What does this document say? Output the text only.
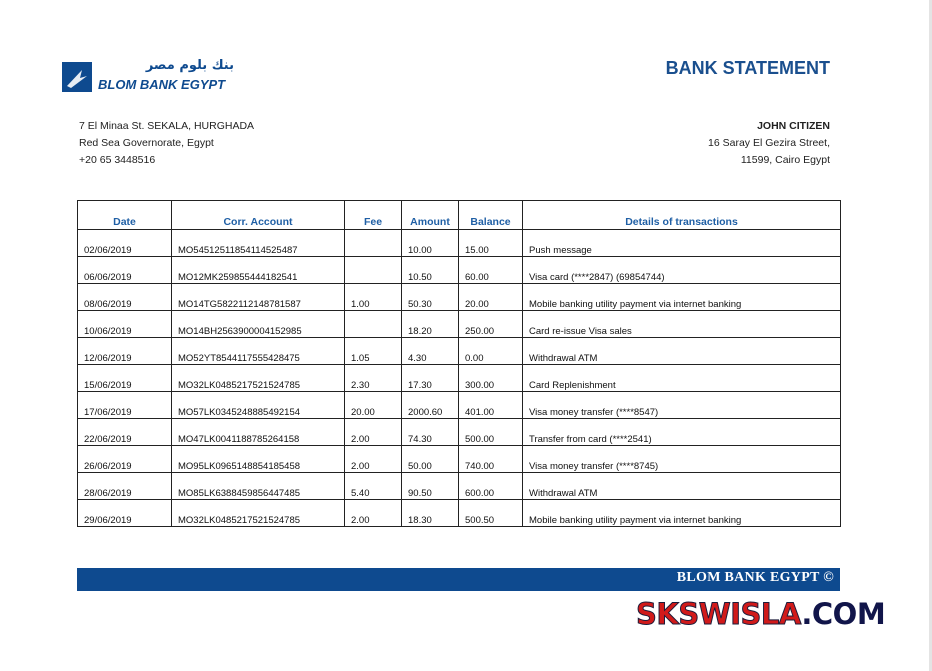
بنك بلوم مصر
BLOM BANK EGYPT
BANK STATEMENT
7 El Minaa St. SEKALA, HURGHADA
Red Sea Governorate, Egypt
+20 65 3448516
JOHN CITIZEN
16 Saray El Gezira Street,
11599, Cairo Egypt
Date	Corr. Account	Fee	Amount	Balance	Details of transactions
02/06/2019	MO54512511854114525487		10.00	15.00	Push message
06/06/2019	MO12MK259855444182541		10.50	60.00	Visa card (****2847) (69854744)
08/06/2019	MO14TG5822112148781587	1.00	50.30	20.00	Mobile banking utility payment via internet banking
10/06/2019	MO14BH2563900004152985		18.20	250.00	Card re-issue Visa sales
12/06/2019	MO52YT8544117555428475	1.05	4.30	0.00	Withdrawal ATM
15/06/2019	MO32LK0485217521524785	2.30	17.30	300.00	Card Replenishment
17/06/2019	MO57LK0345248885492154	20.00	2000.60	401.00	Visa money transfer (****8547)
22/06/2019	MO47LK0041188785264158	2.00	74.30	500.00	Transfer from card (****2541)
26/06/2019	MO95LK0965148854185458	2.00	50.00	740.00	Visa money transfer (****8745)
28/06/2019	MO85LK6388459856447485	5.40	90.50	600.00	Withdrawal ATM
29/06/2019	MO32LK0485217521524785	2.00	18.30	500.50	Mobile banking utility payment via internet banking
BLOM BANK EGYPT ©
SKSWISLA.COM
